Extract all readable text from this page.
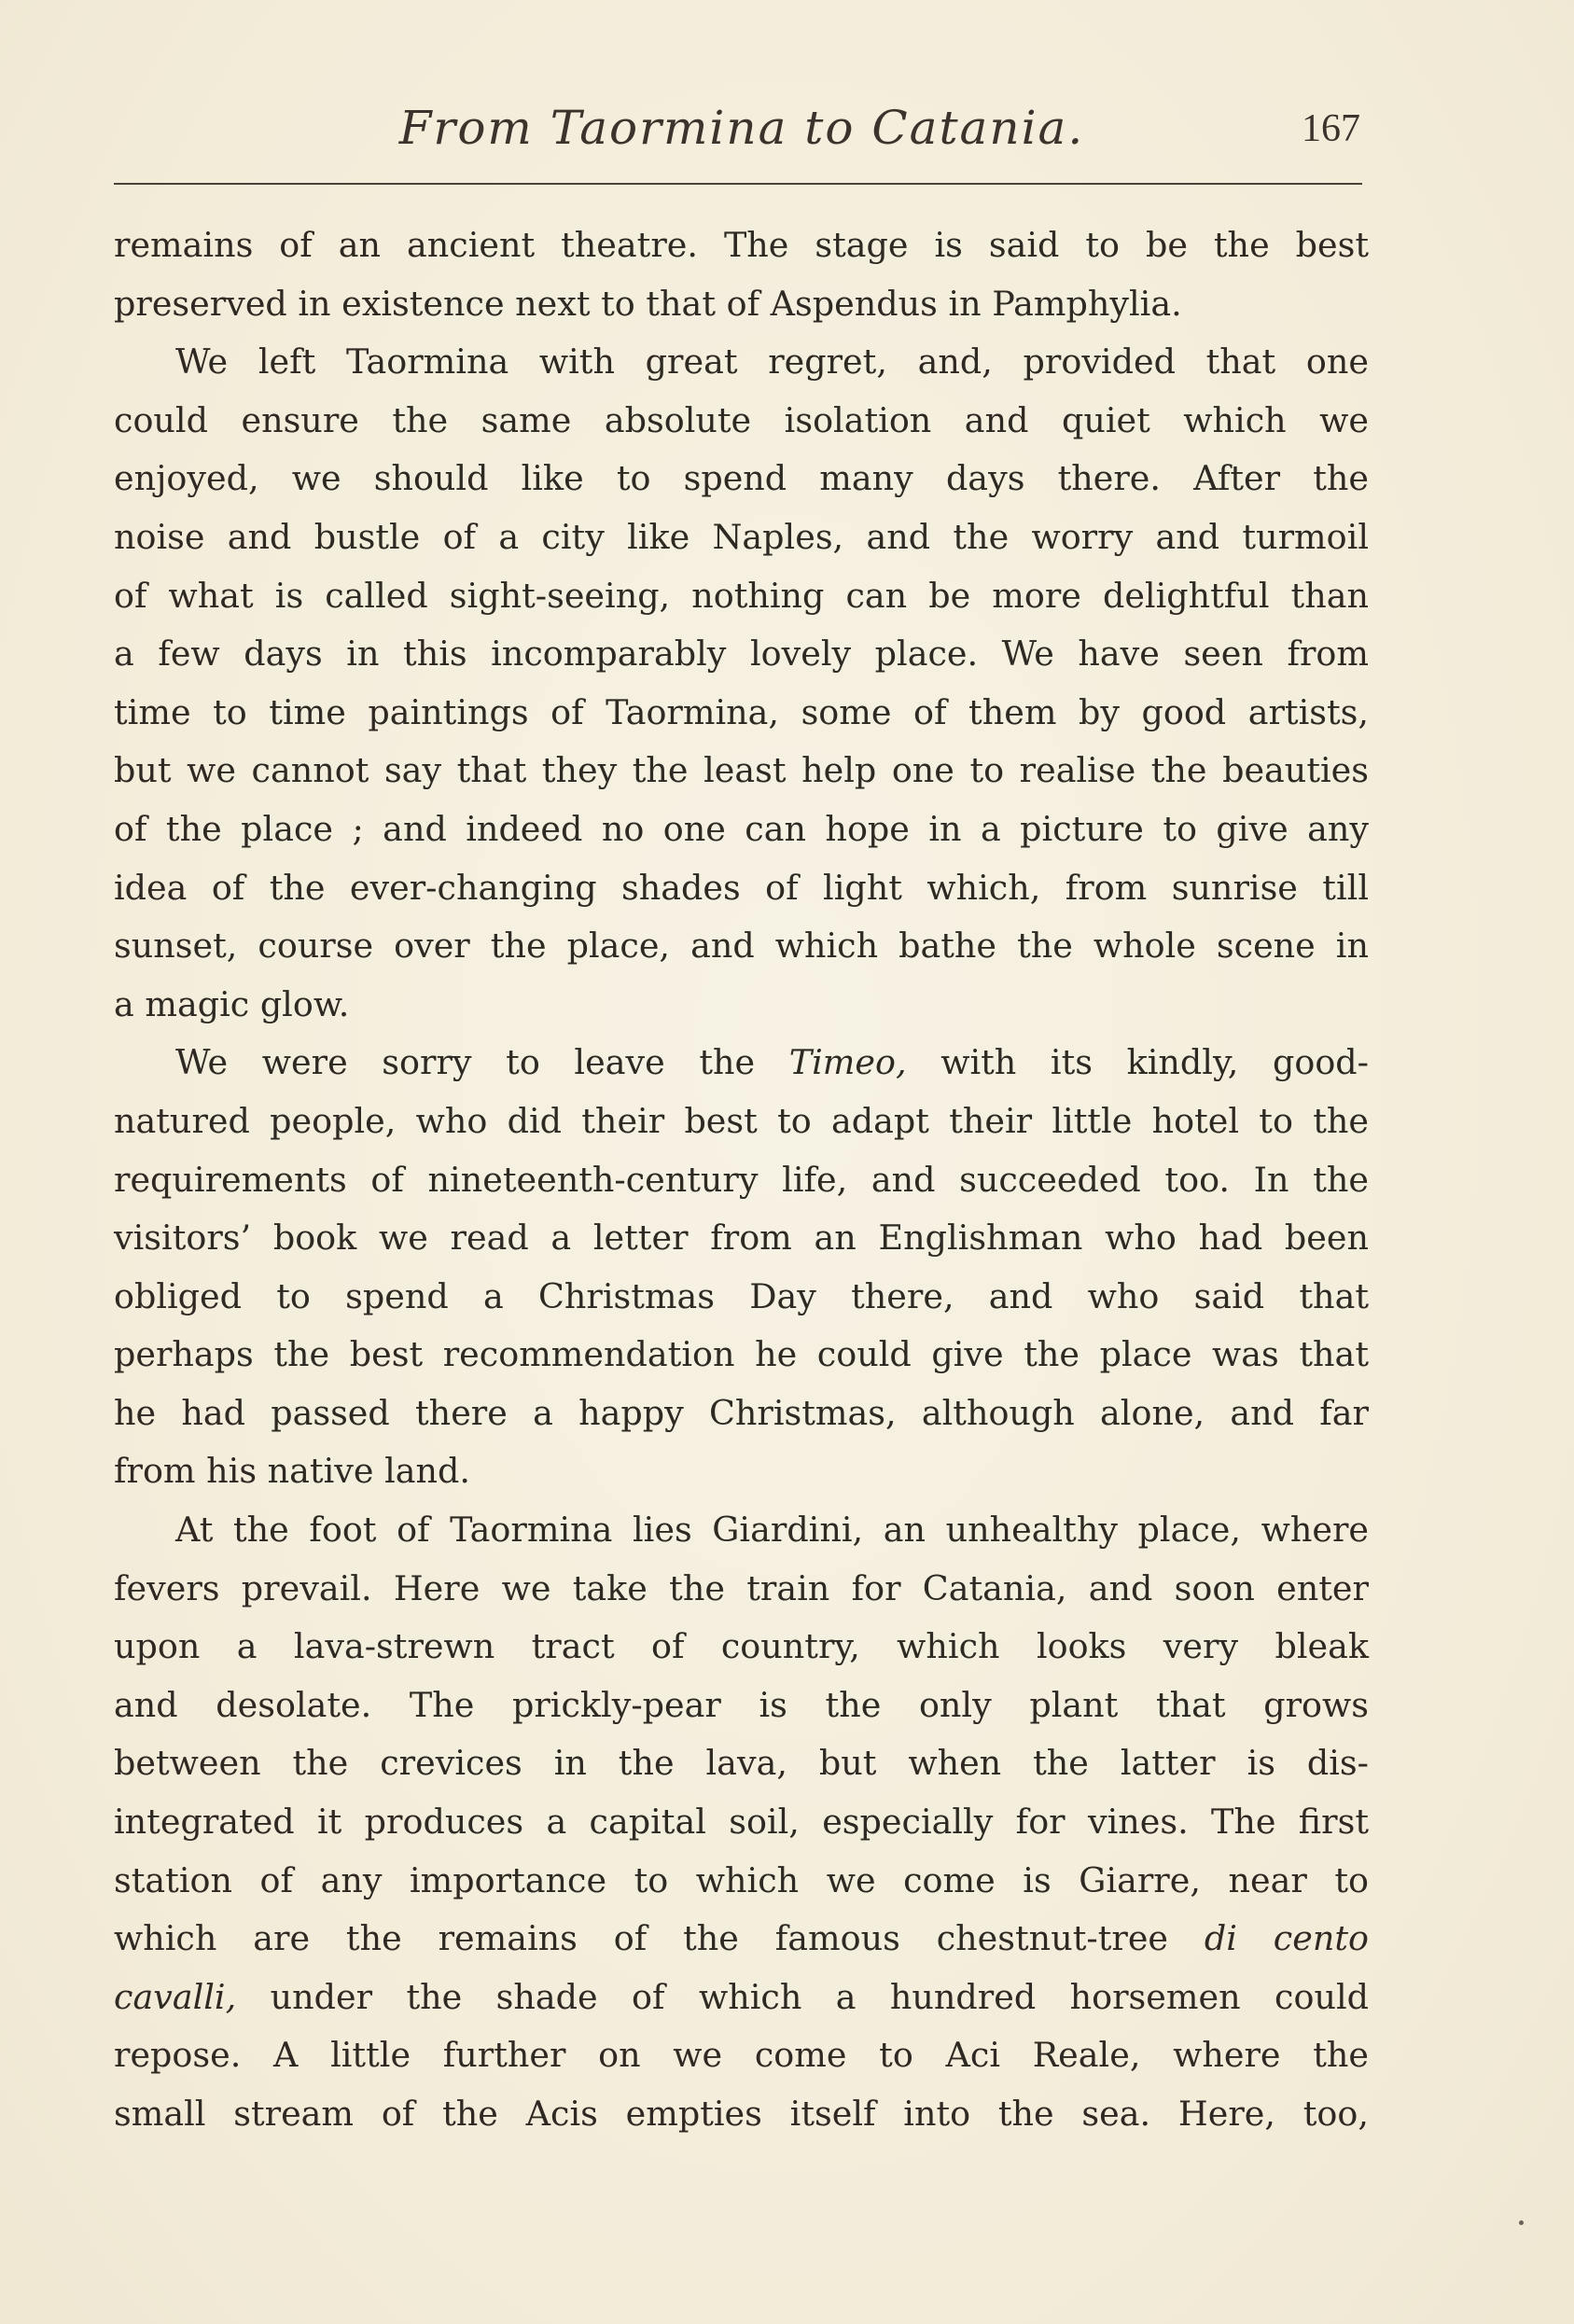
From Taormina to Catania.	167
remains of an ancient theatre. The stage is said to be the best
preserved in existence next to that of Aspendus in Pamphylia.
We left Taormina with great regret, and, provided that one
could ensure the same absolute isolation and quiet which we
enjoyed, we should like to spend many days there. After the
noise and bustle of a city like Naples, and the worry and turmoil
of what is called sight-seeing, nothing can be more delightful than
a few days in this incomparably lovely place. We have seen from
time to time paintings of Taormina, some of them by good artists,
but we cannot say that they the least help one to realise the beauties
of the place ; and indeed no one can hope in a picture to give any
idea of the ever-changing shades of light which, from sunrise till
sunset, course over the place, and which bathe the whole scene in
a magic glow.
We were sorry to leave the Timeo, with its kindly, good-
natured people, who did their best to adapt their little hotel to the
requirements of nineteenth-century life, and succeeded too. In the
visitors’ book we read a letter from an Englishman who had been
obliged to spend a Christmas Day there, and who said that
perhaps the best recommendation he could give the place was that
he had passed there a happy Christmas, although alone, and far
from his native land.
At the foot of Taormina lies Giardini, an unhealthy place, where
fevers prevail. Here we take the train for Catania, and soon enter
upon a lava-strewn tract of country, which looks very bleak
and desolate. The prickly-pear is the only plant that grows
between the crevices in the lava, but when the latter is dis-
integrated it produces a capital soil, especially for vines. The first
station of any importance to which we come is Giarre, near to
which are the remains of the famous chestnut-tree di cento
cavalli, under the shade of which a hundred horsemen could
repose. A little further on we come to Aci Reale, where the
small stream of the Acis empties itself into the sea. Here, too,
